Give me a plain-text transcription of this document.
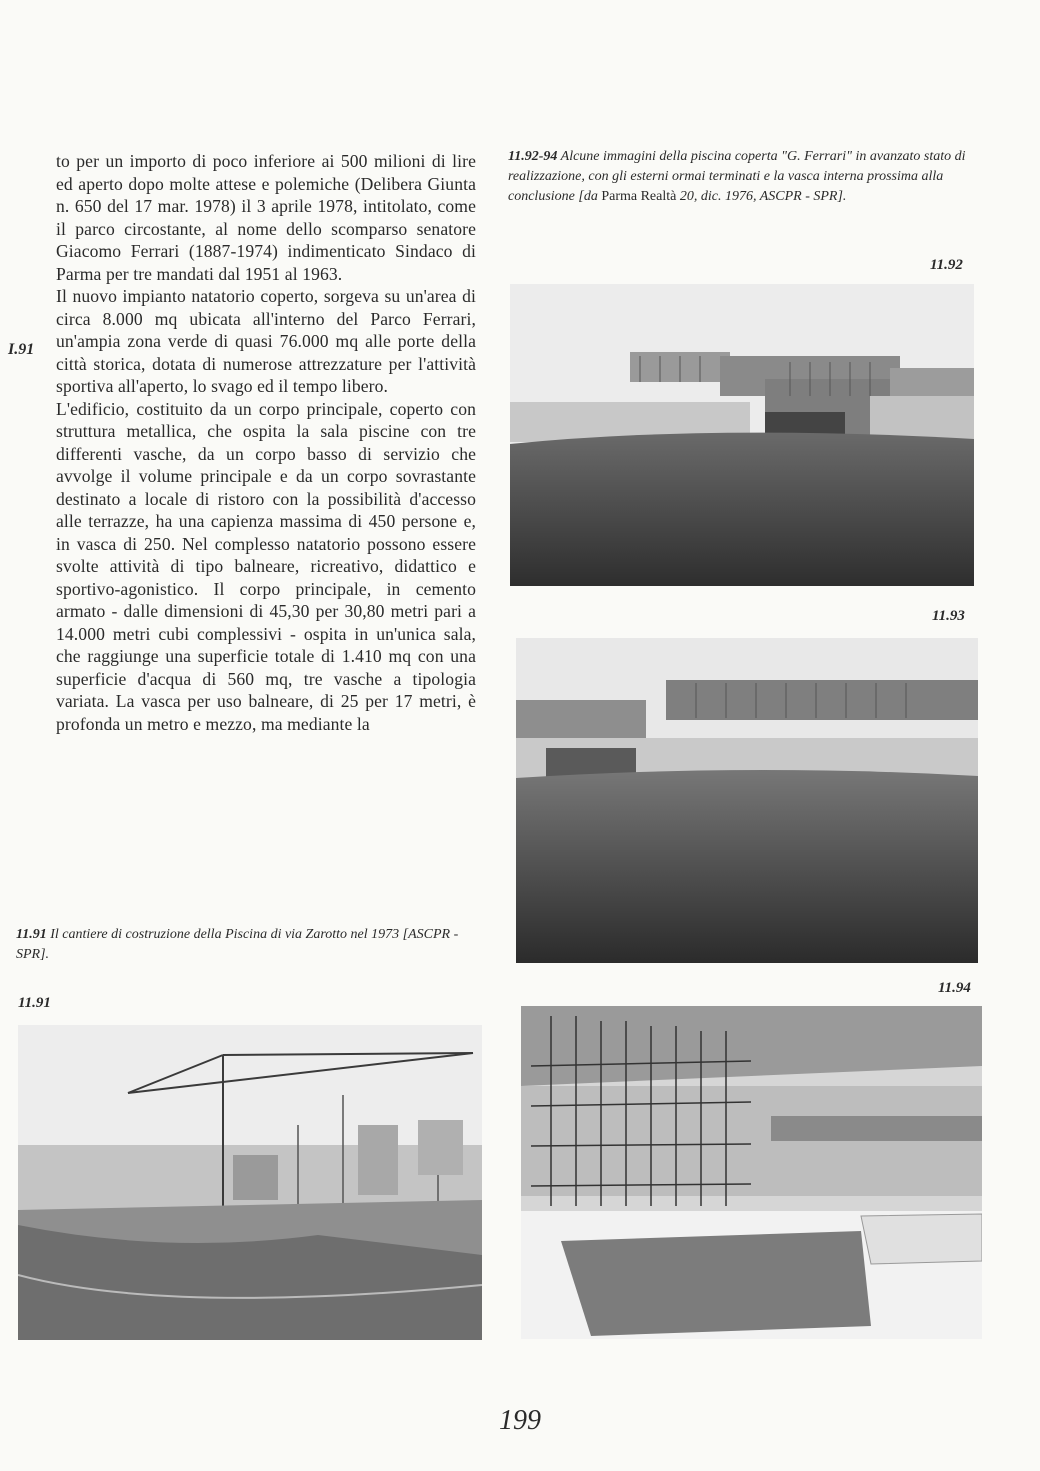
to per un importo di poco inferiore ai 500 milioni di lire ed aperto dopo molte attese e polemiche (Delibera Giunta n. 650 del 17 mar. 1978) il 3 aprile 1978, intitolato, come il parco circostante, al nome dello scomparso senatore Giacomo Ferrari (1887-1974) indimenticato Sindaco di Parma per tre mandati dal 1951 al 1963.

Il nuovo impianto natatorio coperto, sorgeva su un'area di circa 8.000 mq ubicata all'interno del Parco Ferrari, un'ampia zona verde di quasi 76.000 mq alle porte della città storica, dotata di numerose attrezzature per l'attività sportiva all'aperto, lo svago ed il tempo libero.

L'edificio, costituito da un corpo principale, coperto con struttura metallica, che ospita la sala piscine con tre differenti vasche, da un corpo basso di servizio che avvolge il volume principale e da un corpo sovrastante destinato a locale di ristoro con la possibilità d'accesso alle terrazze, ha una capienza massima di 450 persone e, in vasca di 250. Nel complesso natatorio possono essere svolte attività di tipo balneare, ricreativo, didattico e sportivo-agonistico. Il corpo principale, in cemento armato - dalle dimensioni di 45,30 per 30,80 metri pari a 14.000 metri cubi complessivi - ospita in un'unica sala, che raggiunge una superficie totale di 1.410 mq con una superficie d'acqua di 560 mq, tre vasche a tipologia variata. La vasca per uso balneare, di 25 per 17 metri, è profonda un metro e mezzo, ma mediante la

I.91
11.92-94 Alcune immagini della piscina coperta "G. Ferrari" in avanzato stato di realizzazione, con gli esterni ormai terminati e la vasca interna prossima alla conclusione [da Parma Realtà 20, dic. 1976, ASCPR - SPR].
11.92
11.93
11.94
11.91 Il cantiere di costruzione della Piscina di via Zarotto nel 1973 [ASCPR - SPR].
11.91
199
